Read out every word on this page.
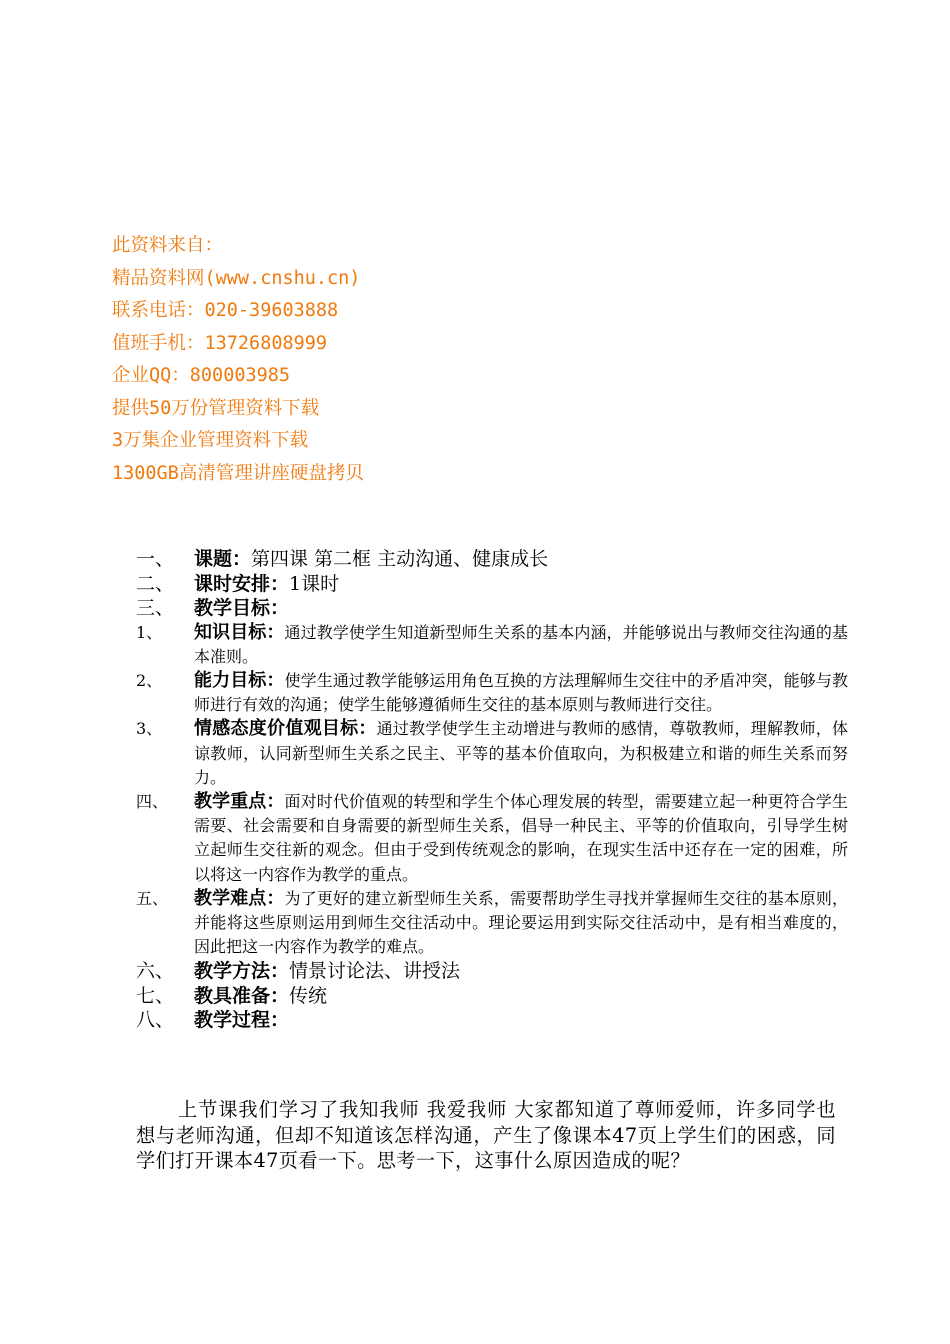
此资料来自：
精品资料网(www.cnshu.cn)
联系电话：020-39603888
值班手机：13726808999
企业QQ：800003985
提供50万份管理资料下载
3万集企业管理资料下载
1300GB高清管理讲座硬盘拷贝
一、 课题：第四课 第二框 主动沟通、健康成长
二、 课时安排：1课时
三、 教学目标：
1、 知识目标：通过教学使学生知道新型师生关系的基本内涵，并能够说出与教师交往沟通的基本准则。
2、 能力目标：使学生通过教学能够运用角色互换的方法理解师生交往中的矛盾冲突，能够与教师进行有效的沟通；使学生能够遵循师生交往的基本原则与教师进行交往。
3、 情感态度价值观目标：通过教学使学生主动增进与教师的感情，尊敬教师，理解教师，体谅教师，认同新型师生关系之民主、平等的基本价值取向，为积极建立和谐的师生关系而努力。
四、 教学重点：面对时代价值观的转型和学生个体心理发展的转型，需要建立起一种更符合学生需要、社会需要和自身需要的新型师生关系，倡导一种民主、平等的价值取向，引导学生树立起师生交往新的观念。但由于受到传统观念的影响，在现实生活中还存在一定的困难，所以将这一内容作为教学的重点。
五、 教学难点：为了更好的建立新型师生关系，需要帮助学生寻找并掌握师生交往的基本原则，并能将这些原则运用到师生交往活动中。理论要运用到实际交往活动中，是有相当难度的，因此把这一内容作为教学的难点。
六、 教学方法：情景讨论法、讲授法
七、 教具准备：传统
八、 教学过程：
上节课我们学习了我知我师 我爱我师 大家都知道了尊师爱师，许多同学也想与老师沟通，但却不知道该怎样沟通，产生了像课本47页上学生们的困惑，同学们打开课本47页看一下。思考一下，这事什么原因造成的呢？
